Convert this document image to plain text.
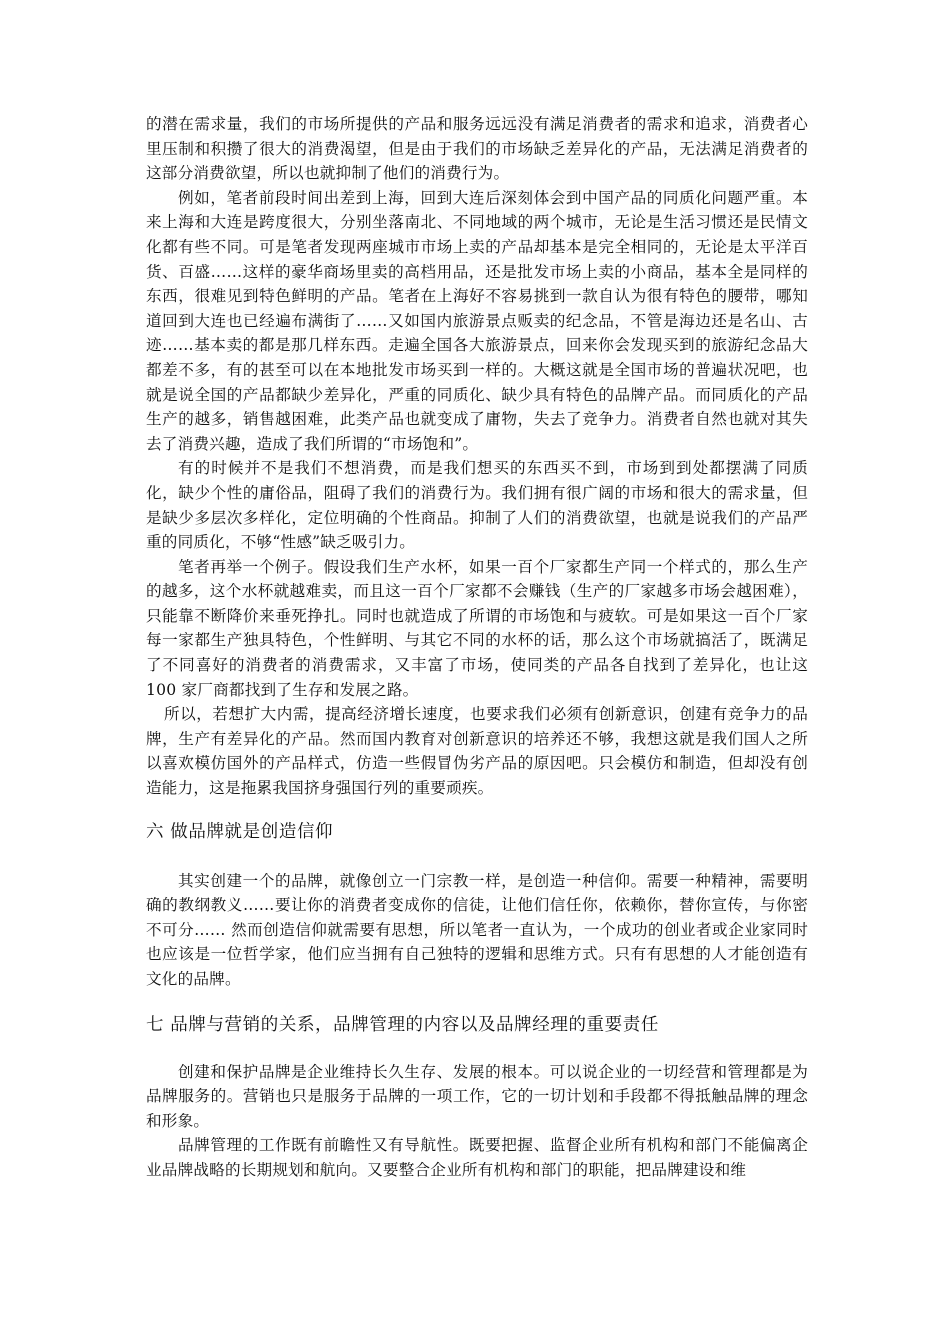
的潜在需求量，我们的市场所提供的产品和服务远远没有满足消费者的需求和追求，消费者心里压制和积攒了很大的消费渴望，但是由于我们的市场缺乏差异化的产品，无法满足消费者的这部分消费欲望，所以也就抑制了他们的消费行为。

例如，笔者前段时间出差到上海，回到大连后深刻体会到中国产品的同质化问题严重。本来上海和大连是跨度很大，分别坐落南北、不同地域的两个城市，无论是生活习惯还是民情文化都有些不同。可是笔者发现两座城市市场上卖的产品却基本是完全相同的，无论是太平洋百货、百盛……这样的豪华商场里卖的高档用品，还是批发市场上卖的小商品，基本全是同样的东西，很难见到特色鲜明的产品。笔者在上海好不容易挑到一款自认为很有特色的腰带，哪知道回到大连也已经遍布满街了……又如国内旅游景点贩卖的纪念品，不管是海边还是名山、古迹……基本卖的都是那几样东西。走遍全国各大旅游景点，回来你会发现买到的旅游纪念品大都差不多，有的甚至可以在本地批发市场买到一样的。大概这就是全国市场的普遍状况吧，也就是说全国的产品都缺少差异化，严重的同质化、缺少具有特色的品牌产品。而同质化的产品生产的越多，销售越困难，此类产品也就变成了庸物，失去了竞争力。消费者自然也就对其失去了消费兴趣，造成了我们所谓的“市场饱和”。

有的时候并不是我们不想消费，而是我们想买的东西买不到，市场到到处都摆满了同质化，缺少个性的庸俗品，阻碍了我们的消费行为。我们拥有很广阔的市场和很大的需求量，但是缺少多层次多样化，定位明确的个性商品。抑制了人们的消费欲望，也就是说我们的产品严重的同质化，不够“性感”缺乏吸引力。

笔者再举一个例子。假设我们生产水杯，如果一百个厂家都生产同一个样式的，那么生产的越多，这个水杯就越难卖，而且这一百个厂家都不会赚钱（生产的厂家越多市场会越困难），只能靠不断降价来垂死挣扎。同时也就造成了所谓的市场饱和与疲软。可是如果这一百个厂家每一家都生产独具特色，个性鲜明、与其它不同的水杯的话，那么这个市场就搞活了，既满足了不同喜好的消费者的消费需求，又丰富了市场，使同类的产品各自找到了差异化，也让这 100 家厂商都找到了生存和发展之路。

所以，若想扩大内需，提高经济增长速度，也要求我们必须有创新意识，创建有竞争力的品牌，生产有差异化的产品。然而国内教育对创新意识的培养还不够，我想这就是我们国人之所以喜欢模仿国外的产品样式，仿造一些假冒伪劣产品的原因吧。只会模仿和制造，但却没有创造能力，这是拖累我国挤身强国行列的重要顽疾。

六 做品牌就是创造信仰

其实创建一个的品牌，就像创立一门宗教一样，是创造一种信仰。需要一种精神，需要明确的教纲教义……要让你的消费者变成你的信徒，让他们信任你，依赖你，替你宣传，与你密不可分…… 然而创造信仰就需要有思想，所以笔者一直认为，一个成功的创业者或企业家同时也应该是一位哲学家，他们应当拥有自己独特的逻辑和思维方式。只有有思想的人才能创造有文化的品牌。

七 品牌与营销的关系，品牌管理的内容以及品牌经理的重要责任

创建和保护品牌是企业维持长久生存、发展的根本。可以说企业的一切经营和管理都是为品牌服务的。营销也只是服务于品牌的一项工作，它的一切计划和手段都不得抵触品牌的理念和形象。

品牌管理的工作既有前瞻性又有导航性。既要把握、监督企业所有机构和部门不能偏离企业品牌战略的长期规划和航向。又要整合企业所有机构和部门的职能，把品牌建设和维
